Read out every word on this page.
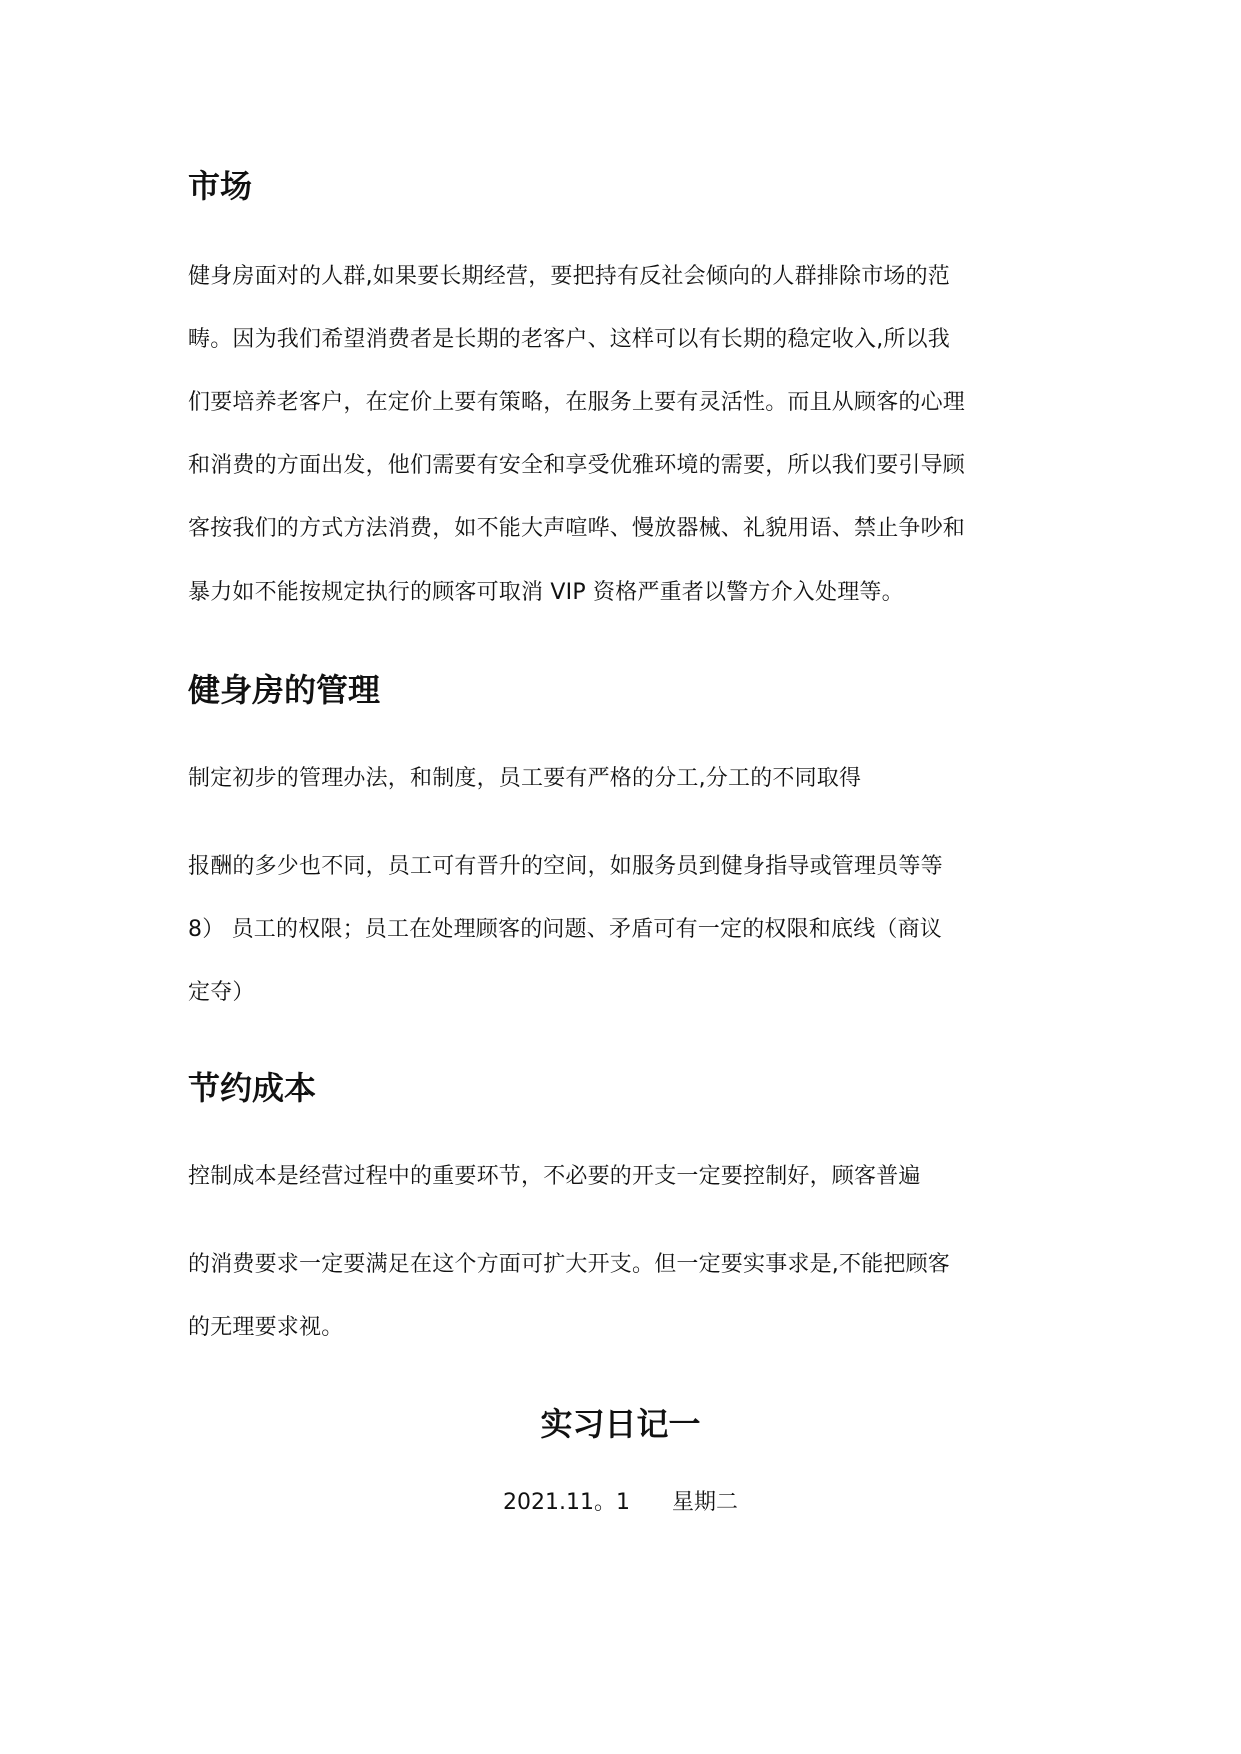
市场

健身房面对的人群,如果要长期经营，要把持有反社会倾向的人群排除市场的范

畴。因为我们希望消费者是长期的老客户、这样可以有长期的稳定收入,所以我

们要培养老客户，在定价上要有策略，在服务上要有灵活性。而且从顾客的心理

和消费的方面出发，他们需要有安全和享受优雅环境的需要，所以我们要引导顾

客按我们的方式方法消费，如不能大声喧哗、慢放器械、礼貌用语、禁止争吵和

暴力如不能按规定执行的顾客可取消 VIP 资格严重者以警方介入处理等。

健身房的管理

制定初步的管理办法，和制度，员工要有严格的分工,分工的不同取得

报酬的多少也不同，员工可有晋升的空间，如服务员到健身指导或管理员等等

8） 员工的权限；员工在处理顾客的问题、矛盾可有一定的权限和底线（商议

定夺）

节约成本

控制成本是经营过程中的重要环节，不必要的开支一定要控制好，顾客普遍

的消费要求一定要满足在这个方面可扩大开支。但一定要实事求是,不能把顾客

的无理要求视。

实习日记一

2021.11。1      星期二
